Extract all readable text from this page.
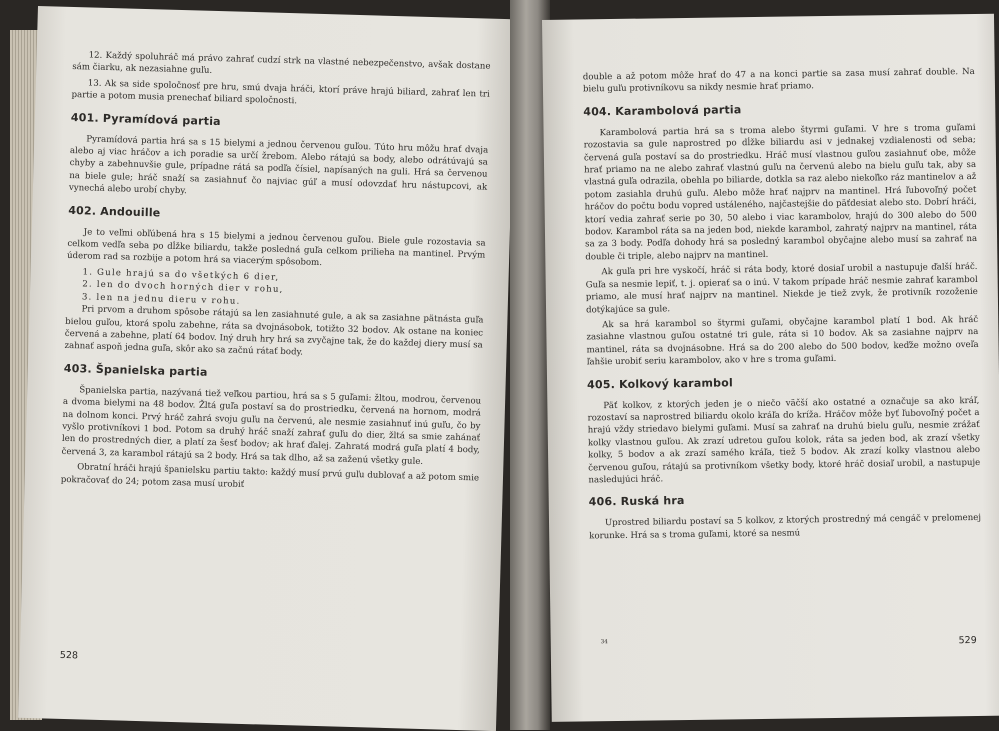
12. Každý spoluhráč má právo zahrať cudzí strk na vlastné nebezpečenstvo, avšak dostane sám čiarku, ak nezasiahne guľu.

13. Ak sa side spoločnosť pre hru, smú dvaja hráči, ktorí práve hrajú biliard, zahrať len tri partie a potom musia prenechať biliard spoločnosti.

401. Pyramídová partia

Pyramídová partia hrá sa s 15 bielymi a jednou červenou guľou. Túto hru môžu hrať dvaja alebo aj viac hráčov a ich poradie sa určí žrebom. Alebo rátajú sa body, alebo odrátúvajú sa chyby a zabehnuvšie gule, prípadne rátá sa podľa čísiel, napísaných na guli. Hrá sa červenou na biele gule; hráč snaží sa zasiahnuť čo najviac gúľ a musí odovzdať hru nástupcovi, ak vynechá alebo urobí chyby.

402. Andouille

Je to veľmi obľúbená hra s 15 bielymi a jednou červenou guľou. Biele gule rozostavia sa celkom vedľa seba po dĺžke biliardu, takže posledná guľa celkom prilieha na mantinel. Prvým úderom rad sa rozbije a potom hrá sa viacerým spôsobom.

1. Gule hrajú sa do všetkých 6 dier,
2. len do dvoch horných dier v rohu,
3. len na jednu dieru v rohu.

Pri prvom a druhom spôsobe rátajú sa len zasiahnuté gule, a ak sa zasiahne pätnásta guľa bielou guľou, ktorá spolu zabehne, ráta sa dvojnásobok, totižto 32 bodov. Ak ostane na koniec červená a zabehne, platí 64 bodov. Iný druh hry hrá sa zvyčajne tak, že do každej diery musí sa zahnať aspoň jedna guľa, skôr ako sa začnú rátať body.

403. Španielska partia

Španielska partia, nazývaná tiež veľkou partiou, hrá sa s 5 guľami: žltou, modrou, červenou a dvoma bielymi na 48 bodov. Žltá guľa postaví sa do prostriedku, červená na hornom, modrá na dolnom konci. Prvý hráč zahrá svoju guľu na červenú, ale nesmie zasiahnuť inú guľu, čo by vyšlo protivníkovi 1 bod. Potom sa druhý hráč snaží zahrať guľu do dier, žltá sa smie zahánať len do prostredných dier, a platí za šesť bodov; ak hrať ďalej. Zahratá modrá guľa platí 4 body, červená 3, za karambol rátajú sa 2 body. Hrá sa tak dlho, až sa zaženú všetky gule.

Obratní hráči hrajú španielsku partiu takto: každý musí prvú guľu dublovať a až potom smie pokračovať do 24; potom zasa musí urobiť

528

double a až potom môže hrať do 47 a na konci partie sa zasa musí zahrať double. Na bielu guľu protivníkovu sa nikdy nesmie hrať priamo.

404. Karambolová partia

Karambolová partia hrá sa s troma alebo štyrmi guľami. V hre s troma guľami rozostavia sa gule naprostred po dĺžke biliardu asi v jednakej vzdialenosti od seba; červená guľa postaví sa do prostriedku. Hráč musí vlastnou guľou zasiahnuť obe, môže hrať priamo na ne alebo zahrať vlastnú guľu na červenú alebo na bielu guľu tak, aby sa vlastná guľa odrazila, obehla po biliarde, dotkla sa raz alebo niekoľko ráz mantinelov a až potom zasiahla druhú guľu. Alebo môže hrať najprv na mantinel. Hrá ľubovoľný počet hráčov do počtu bodu vopred ustáleného, najčastejšie do päťdesiat alebo sto. Dobrí hráči, ktorí vedia zahrať serie po 30, 50 alebo i viac karambolov, hrajú do 300 alebo do 500 bodov. Karambol ráta sa na jeden bod, niekde karambol, zahratý najprv na mantinel, ráta sa za 3 body. Podľa dohody hrá sa posledný karambol obyčajne alebo musí sa zahrať na double či triple, alebo najprv na mantinel.

Ak guľa pri hre vyskočí, hráč si ráta body, ktoré dosiaľ urobil a nastupuje ďalší hráč. Guľa sa nesmie lepiť, t. j. opierať sa o inú. V takom prípade hráč nesmie zahrať karambol priamo, ale musí hrať najprv na mantinel. Niekde je tiež zvyk, že protivník rozoženie dotýkajúce sa gule.

Ak sa hrá karambol so štyrmi guľami, obyčajne karambol platí 1 bod. Ak hráč zasiahne vlastnou guľou ostatné tri gule, ráta si 10 bodov. Ak sa zasiahne najprv na mantinel, ráta sa dvojnásobne. Hrá sa do 200 alebo do 500 bodov, keďže možno oveľa ľahšie urobiť seriu karambolov, ako v hre s troma guľami.

405. Kolkový karambol

Päť kolkov, z ktorých jeden je o niečo väčší ako ostatné a označuje sa ako kráľ, rozostaví sa naprostred biliardu okolo kráľa do kríža. Hráčov môže byť ľubovoľný počet a hrajú vždy striedavo bielymi guľami. Musí sa zahrať na druhú bielu guľu, nesmie zrážať kolky vlastnou guľou. Ak zrazí udretou guľou kolok, ráta sa jeden bod, ak zrazí všetky kolky, 5 bodov a ak zrazí samého kráľa, tiež 5 bodov. Ak zrazí kolky vlastnou alebo červenou guľou, rátajú sa protivníkom všetky body, ktoré hráč dosiaľ urobil, a nastupuje nasledujúci hráč.

406. Ruská hra

Uprostred biliardu postaví sa 5 kolkov, z ktorých prostredný má cengáč v prelomenej korunke. Hrá sa s troma guľami, ktoré sa nesmú

34	529
